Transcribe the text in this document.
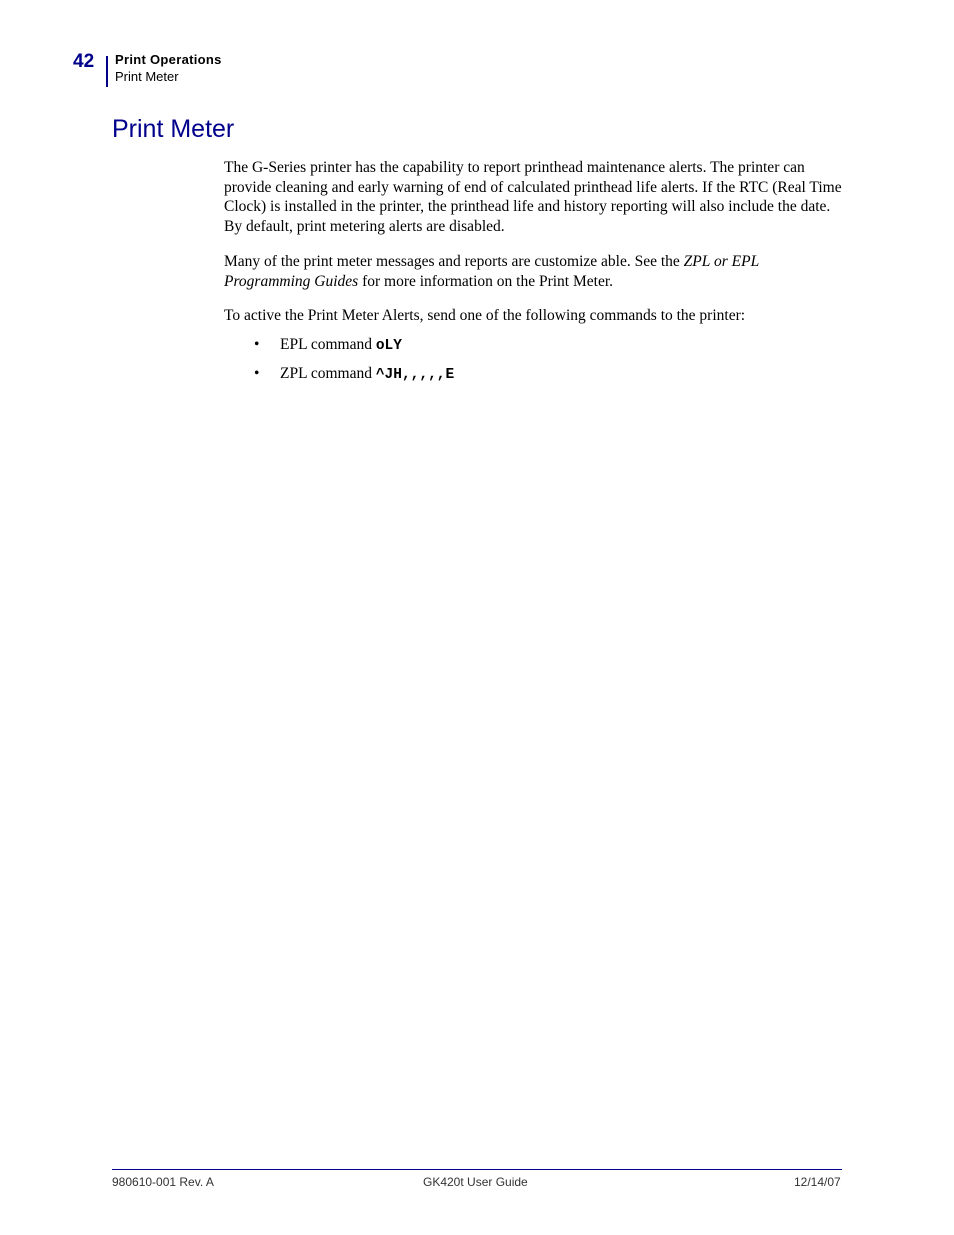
42 Print Operations
Print Meter
Print Meter

The G-Series printer has the capability to report printhead maintenance alerts. The printer can provide cleaning and early warning of end of calculated printhead life alerts. If the RTC (Real Time Clock) is installed in the printer, the printhead life and history reporting will also include the date. By default, print metering alerts are disabled.

Many of the print meter messages and reports are customize able. See the ZPL or EPL Programming Guides for more information on the Print Meter.

To active the Print Meter Alerts, send one of the following commands to the printer:

• EPL command oLY
• ZPL command ^JH,,,,,E
980610-001 Rev. A	GK420t User Guide	12/14/07
